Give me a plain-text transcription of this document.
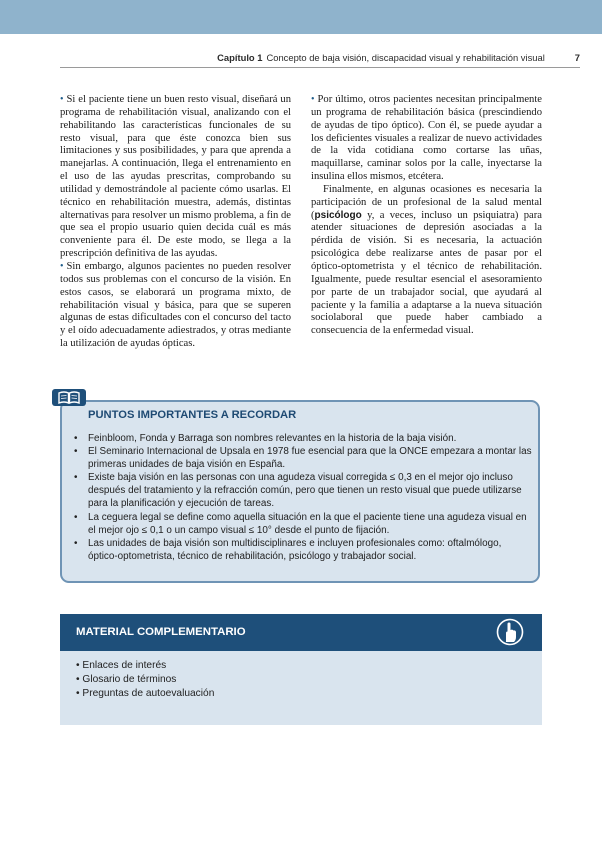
Capítulo 1 Concepto de baja visión, discapacidad visual y rehabilitación visual	7

• Si el paciente tiene un buen resto visual, diseñará un programa de rehabilitación visual, analizando con el rehabilitando las características funcionales de su resto visual, para que éste conozca bien sus limitaciones y sus posibilidades, y para que aprenda a manejarlas. A continuación, llega el entrenamiento en el uso de las ayudas prescritas, comprobando su utilidad y demostrándole al paciente cómo usarlas. El técnico en rehabilitación muestra, además, distintas alternativas para resolver un mismo problema, a fin de que sea el propio usuario quien decida cuál es más conveniente para él. De este modo, se llega a la prescripción definitiva de las ayudas.

• Sin embargo, algunos pacientes no pueden resolver todos sus problemas con el concurso de la visión. En estos casos, se elaborará un programa mixto, de rehabilitación visual y básica, para que se superen algunas de estas dificultades con el concurso del tacto y el oído adecuadamente adiestrados, y otras mediante la utilización de ayudas ópticas.

• Por último, otros pacientes necesitan principalmente un programa de rehabilitación básica (prescindiendo de ayudas de tipo óptico). Con él, se puede ayudar a los deficientes visuales a realizar de nuevo actividades de la vida cotidiana como cortarse las uñas, maquillarse, caminar solos por la calle, inyectarse la insulina ellos mismos, etcétera.

Finalmente, en algunas ocasiones es necesaria la participación de un profesional de la salud mental (psicólogo y, a veces, incluso un psiquiatra) para atender situaciones de depresión asociadas a la pérdida de visión. Si es necesaria, la actuación psicológica debe realizarse antes de pasar por el óptico-optometrista y el técnico de rehabilitación. Igualmente, puede resultar esencial el asesoramiento por parte de un trabajador social, que ayudará al paciente y la familia a adaptarse a la nueva situación sociolaboral que puede haber cambiado a consecuencia de la enfermedad visual.

PUNTOS IMPORTANTES A RECORDAR
• Feinbloom, Fonda y Barraga son nombres relevantes en la historia de la baja visión.
• El Seminario Internacional de Upsala en 1978 fue esencial para que la ONCE empezara a montar las primeras unidades de baja visión en España.
• Existe baja visión en las personas con una agudeza visual corregida ≤ 0,3 en el mejor ojo incluso después del tratamiento y la refracción común, pero que tienen un resto visual que puede utilizarse para la planificación y ejecución de tareas.
• La ceguera legal se define como aquella situación en la que el paciente tiene una agudeza visual en el mejor ojo ≤ 0,1 o un campo visual ≤ 10° desde el punto de fijación.
• Las unidades de baja visión son multidisciplinares e incluyen profesionales como: oftalmólogo, óptico-optometrista, técnico de rehabilitación, psicólogo y trabajador social.
MATERIAL COMPLEMENTARIO
• Enlaces de interés
• Glosario de términos
• Preguntas de autoevaluación
